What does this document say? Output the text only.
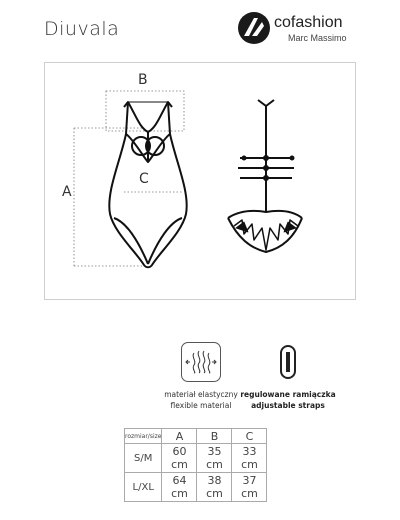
Diuvala	cofashion
Marc Massimo
B
A
C
materiał elastyczny
flexible material
regulowane ramiączka
adjustable straps
rozmiar/size	A	B	C
S/M	60 cm	35 cm	33 cm
L/XL	64 cm	38 cm	37 cm
